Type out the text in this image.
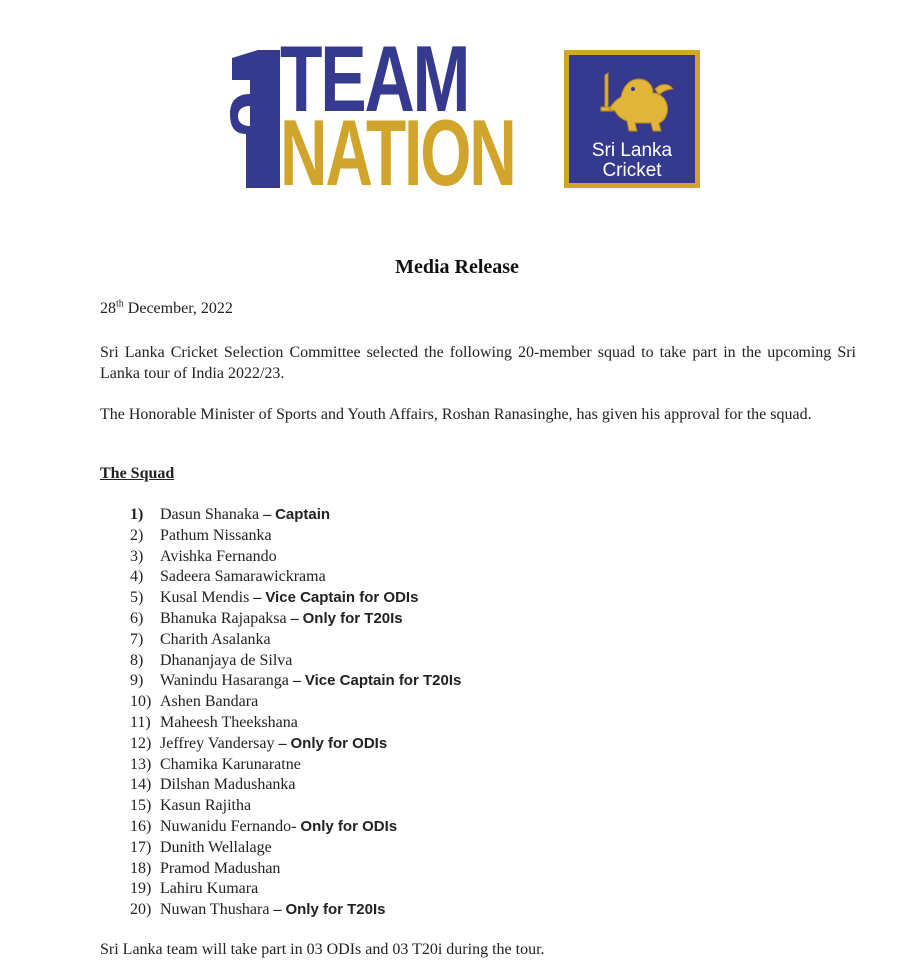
TEAM
NATION	Sri Lanka
Cricket
Media Release
28th December, 2022
Sri Lanka Cricket Selection Committee selected the following 20-member squad to take part in the upcoming Sri Lanka tour of India 2022/23.
The Honorable Minister of Sports and Youth Affairs, Roshan Ranasinghe, has given his approval for the squad.
The Squad
1) Dasun Shanaka – Captain
2) Pathum Nissanka
3) Avishka Fernando
4) Sadeera Samarawickrama
5) Kusal Mendis – Vice Captain for ODIs
6) Bhanuka Rajapaksa – Only for T20Is
7) Charith Asalanka
8) Dhananjaya de Silva
9) Wanindu Hasaranga – Vice Captain for T20Is
10) Ashen Bandara
11) Maheesh Theekshana
12) Jeffrey Vandersay – Only for ODIs
13) Chamika Karunaratne
14) Dilshan Madushanka
15) Kasun Rajitha
16) Nuwanidu Fernando- Only for ODIs
17) Dunith Wellalage
18) Pramod Madushan
19) Lahiru Kumara
20) Nuwan Thushara – Only for T20Is
Sri Lanka team will take part in 03 ODIs and 03 T20i during the tour.
